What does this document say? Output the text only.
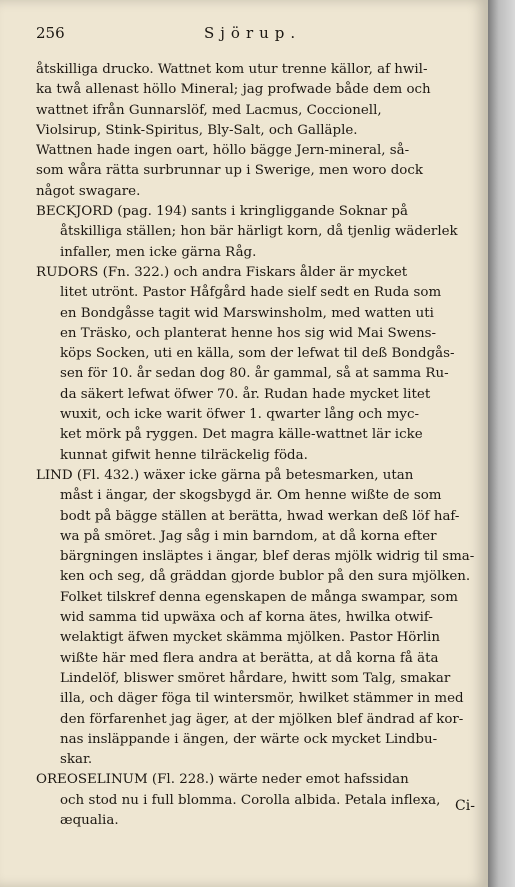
256	Sjörup.
åtskilliga drucko. Wattnet kom utur trenne källor, af hwil-
ka twå allenast höllo Mineral; jag profwade både dem och
wattnet ifrån Gunnarslöf, med Lacmus, Coccionell,
Violsirup, Stink-Spiritus, Bly-Salt, och Galläple.
Wattnen hade ingen oart, höllo bägge Jern-mineral, så-
som wåra rätta surbrunnar up i Swerige, men woro dock
något swagare.
BECKJORD (pag. 194) sants i kringliggande Soknar på
åtskilliga ställen; hon bär härligt korn, då tjenlig wäderlek
infaller, men icke gärna Råg.
RUDORS (Fn. 322.) och andra Fiskars ålder är mycket
litet utrönt. Pastor Håfgård hade sielf sedt en Ruda som
en Bondgåsse tagit wid Marswinsholm, med watten uti
en Träsko, och planterat henne hos sig wid Mai Swens-
köps Socken, uti en källa, som der lefwat til deß Bondgås-
sen för 10. år sedan dog 80. år gammal, så at samma Ru-
da säkert lefwat öfwer 70. år. Rudan hade mycket litet
wuxit, och icke warit öfwer 1. qwarter lång och myc-
ket mörk på ryggen. Det magra källe-wattnet lär icke
kunnat gifwit henne tilräckelig föda.
LIND (Fl. 432.) wäxer icke gärna på betesmarken, utan
måst i ängar, der skogsbygd är. Om henne wißte de som
bodt på bägge ställen at berätta, hwad werkan deß löf haf-
wa på smöret. Jag såg i min barndom, at då korna efter
bärgningen insläptes i ängar, blef deras mjölk widrig til sma-
ken och seg, då gräddan gjorde bublor på den sura mjölken.
Folket tilskref denna egenskapen de många swampar, som
wid samma tid upwäxa och af korna ätes, hwilka otwif-
welaktigt äfwen mycket skämma mjölken. Pastor Hörlin
wißte här med flera andra at berätta, at då korna få äta
Lindelöf, bliswer smöret hårdare, hwitt som Talg, smakar
illa, och däger föga til wintersmör, hwilket stämmer in med
den förfarenhet jag äger, at der mjölken blef ändrad af kor-
nas insläppande i ängen, der wärte ock mycket Lindbu-
skar.
OREOSELINUM (Fl. 228.) wärte neder emot hafssidan
och stod nu i full blomma. Corolla albida. Petala inflexa,
æqualia.
Ci-
